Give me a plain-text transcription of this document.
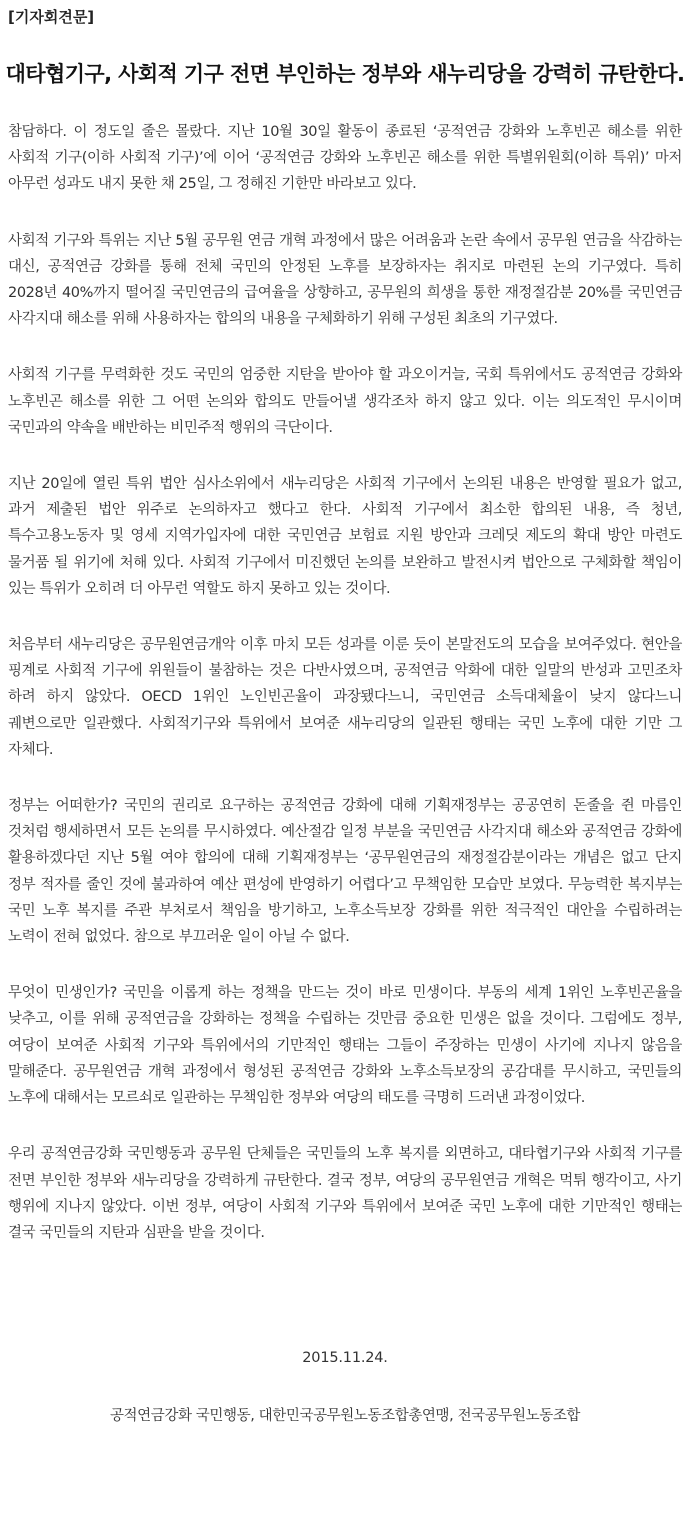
[기자회견문]
대타협기구, 사회적 기구 전면 부인하는 정부와 새누리당을 강력히 규탄한다.

참담하다. 이 정도일 줄은 몰랐다. 지난 10월 30일 활동이 종료된 ‘공적연금 강화와 노후빈곤 해소를 위한 사회적 기구(이하 사회적 기구)’에 이어 ‘공적연금 강화와 노후빈곤 해소를 위한 특별위원회(이하 특위)’ 마저 아무런 성과도 내지 못한 채 25일, 그 정해진 기한만 바라보고 있다.

사회적 기구와 특위는 지난 5월 공무원 연금 개혁 과정에서 많은 어려움과 논란 속에서 공무원 연금을 삭감하는 대신, 공적연금 강화를 통해 전체 국민의 안정된 노후를 보장하자는 취지로 마련된 논의 기구였다. 특히 2028년 40%까지 떨어질 국민연금의 급여율을 상향하고, 공무원의 희생을 통한 재정절감분 20%를 국민연금 사각지대 해소를 위해 사용하자는 합의의 내용을 구체화하기 위해 구성된 최초의 기구였다.

사회적 기구를 무력화한 것도 국민의 엄중한 지탄을 받아야 할 과오이거늘, 국회 특위에서도 공적연금 강화와 노후빈곤 해소를 위한 그 어떤 논의와 합의도 만들어낼 생각조차 하지 않고 있다. 이는 의도적인 무시이며 국민과의 약속을 배반하는 비민주적 행위의 극단이다.

지난 20일에 열린 특위 법안 심사소위에서 새누리당은 사회적 기구에서 논의된 내용은 반영할 필요가 없고, 과거 제출된 법안 위주로 논의하자고 했다고 한다. 사회적 기구에서 최소한 합의된 내용, 즉 청년, 특수고용노동자 및 영세 지역가입자에 대한 국민연금 보험료 지원 방안과 크레딧 제도의 확대 방안 마련도 물거품 될 위기에 처해 있다. 사회적 기구에서 미진했던 논의를 보완하고 발전시켜 법안으로 구체화할 책임이 있는 특위가 오히려 더 아무런 역할도 하지 못하고 있는 것이다.

처음부터 새누리당은 공무원연금개악 이후 마치 모든 성과를 이룬 듯이 본말전도의 모습을 보여주었다. 현안을 핑계로 사회적 기구에 위원들이 불참하는 것은 다반사였으며, 공적연금 악화에 대한 일말의 반성과 고민조차 하려 하지 않았다. OECD 1위인 노인빈곤율이 과장됐다느니, 국민연금 소득대체율이 낮지 않다느니 궤변으로만 일관했다. 사회적기구와 특위에서 보여준 새누리당의 일관된 행태는 국민 노후에 대한 기만 그 자체다.

정부는 어떠한가? 국민의 권리로 요구하는 공적연금 강화에 대해 기획재정부는 공공연히 돈줄을 쥔 마름인 것처럼 행세하면서 모든 논의를 무시하였다. 예산절감 일정 부분을 국민연금 사각지대 해소와 공적연금 강화에 활용하겠다던 지난 5월 여야 합의에 대해 기획재정부는 ‘공무원연금의 재정절감분이라는 개념은 없고 단지 정부 적자를 줄인 것에 불과하여 예산 편성에 반영하기 어렵다’고 무책임한 모습만 보였다. 무능력한 복지부는 국민 노후 복지를 주관 부처로서 책임을 방기하고, 노후소득보장 강화를 위한 적극적인 대안을 수립하려는 노력이 전혀 없었다. 참으로 부끄러운 일이 아닐 수 없다.

무엇이 민생인가? 국민을 이롭게 하는 정책을 만드는 것이 바로 민생이다. 부동의 세계 1위인 노후빈곤율을 낮추고, 이를 위해 공적연금을 강화하는 정책을 수립하는 것만큼 중요한 민생은 없을 것이다. 그럼에도 정부, 여당이 보여준 사회적 기구와 특위에서의 기만적인 행태는 그들이 주장하는 민생이 사기에 지나지 않음을 말해준다. 공무원연금 개혁 과정에서 형성된 공적연금 강화와 노후소득보장의 공감대를 무시하고, 국민들의 노후에 대해서는 모르쇠로 일관하는 무책임한 정부와 여당의 태도를 극명히 드러낸 과정이었다.

우리 공적연금강화 국민행동과 공무원 단체들은 국민들의 노후 복지를 외면하고, 대타협기구와 사회적 기구를 전면 부인한 정부와 새누리당을 강력하게 규탄한다. 결국 정부, 여당의 공무원연금 개혁은 먹튀 행각이고, 사기 행위에 지나지 않았다. 이번 정부, 여당이 사회적 기구와 특위에서 보여준 국민 노후에 대한 기만적인 행태는 결국 국민들의 지탄과 심판을 받을 것이다.

2015.11.24.
공적연금강화 국민행동, 대한민국공무원노동조합총연맹, 전국공무원노동조합
